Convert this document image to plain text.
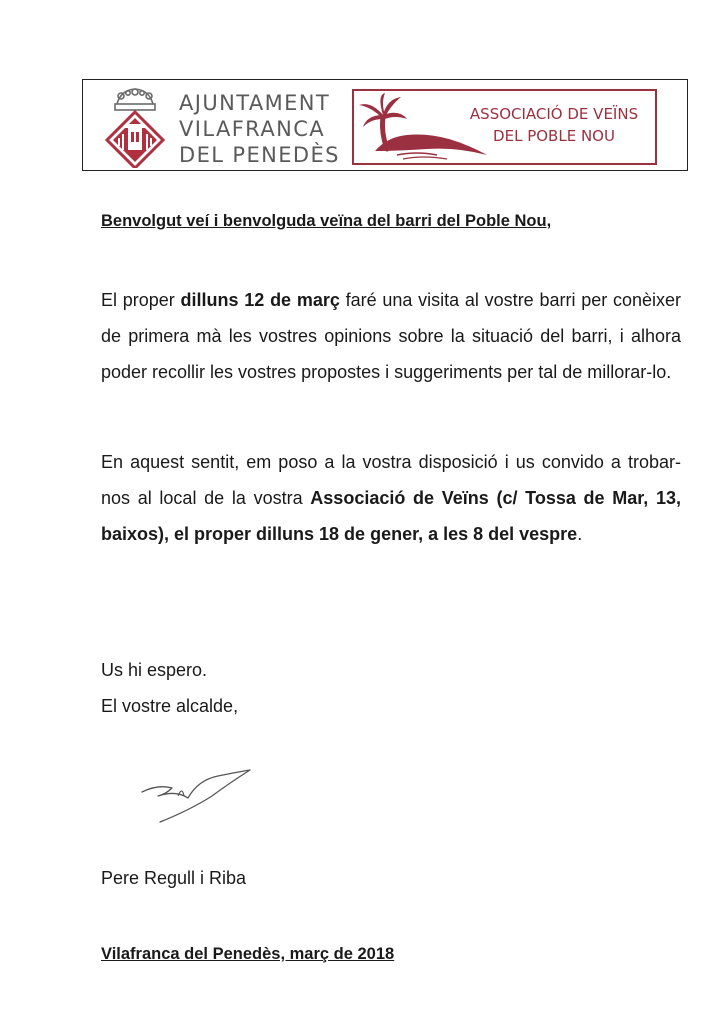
AJUNTAMENT
VILAFRANCA
DEL PENEDÈS
ASSOCIACIÓ DE VEÏNS
DEL POBLE NOU
Benvolgut veí i benvolguda veïna del barri del Poble Nou,

El proper dilluns 12 de març faré una visita al vostre barri per conèixer de primera mà les vostres opinions sobre la situació del barri, i alhora poder recollir les vostres propostes i suggeriments per tal de millorar-lo.

En aquest sentit, em poso a la vostra disposició i us convido a trobar-nos al local de la vostra Associació de Veïns (c/ Tossa de Mar, 13, baixos), el proper dilluns 18 de gener, a les 8 del vespre.

Us hi espero.
El vostre alcalde,
Pere Regull i Riba
Vilafranca del Penedès, març de 2018
